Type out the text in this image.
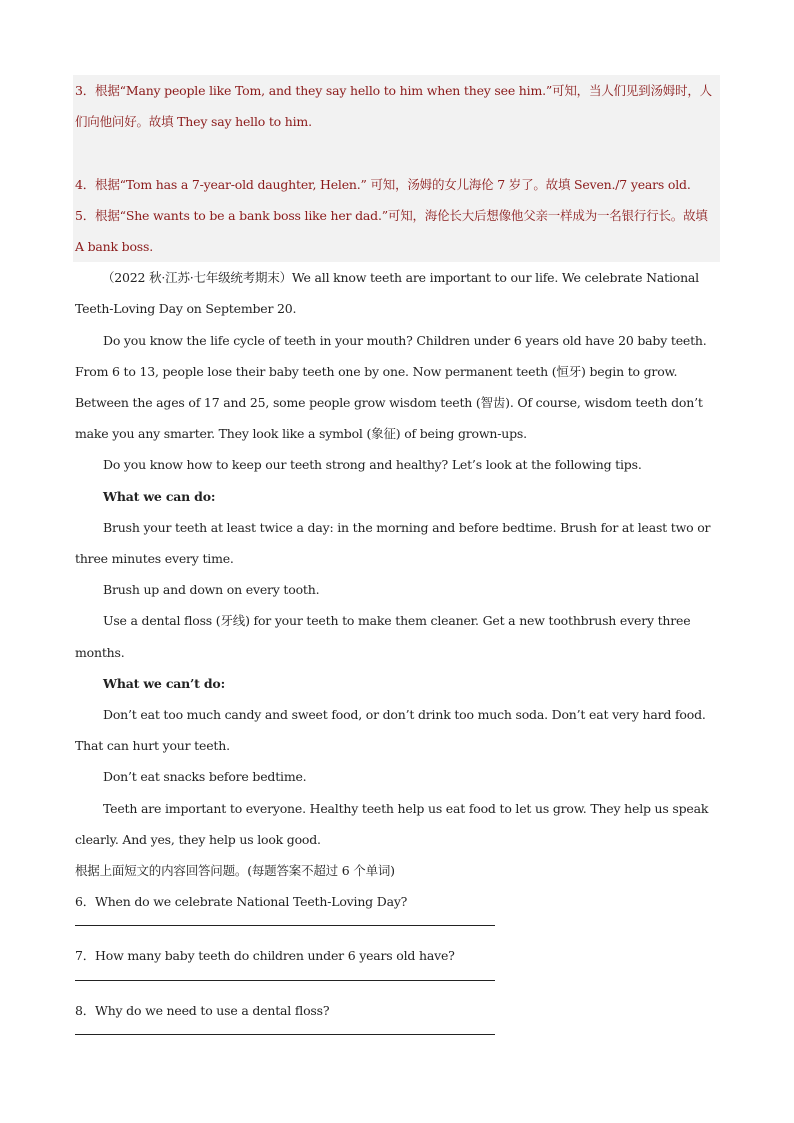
3．根据“Many people like Tom, and they say hello to him when they see him.”可知，当人们见到汤姆时，人们向他问好。故填 They say hello to him.

4．根据“Tom has a 7-year-old daughter, Helen.” 可知，汤姆的女儿海伦 7 岁了。故填 Seven./7 years old.

5．根据“She wants to be a bank boss like her dad.”可知，海伦长大后想像他父亲一样成为一名银行行长。故填 A bank boss.

（2022 秋·江苏·七年级统考期末）We all know teeth are important to our life. We celebrate National Teeth-Loving Day on September 20.

Do you know the life cycle of teeth in your mouth? Children under 6 years old have 20 baby teeth. From 6 to 13, people lose their baby teeth one by one. Now permanent teeth (恒牙) begin to grow. Between the ages of 17 and 25, some people grow wisdom teeth (智齿). Of course, wisdom teeth don’t make you any smarter. They look like a symbol (象征) of being grown-ups.

Do you know how to keep our teeth strong and healthy? Let’s look at the following tips.

What we can do:

Brush your teeth at least twice a day: in the morning and before bedtime. Brush for at least two or three minutes every time.

Brush up and down on every tooth.

Use a dental floss (牙线) for your teeth to make them cleaner. Get a new toothbrush every three months.

What we can’t do:

Don’t eat too much candy and sweet food, or don’t drink too much soda. Don’t eat very hard food. That can hurt your teeth.

Don’t eat snacks before bedtime.

Teeth are important to everyone. Healthy teeth help us eat food to let us grow. They help us speak clearly. And yes, they help us look good.

根据上面短文的内容回答问题。(每题答案不超过 6 个单词)

6．When do we celebrate National Teeth-Loving Day?

7．How many baby teeth do children under 6 years old have?

8．Why do we need to use a dental floss?
